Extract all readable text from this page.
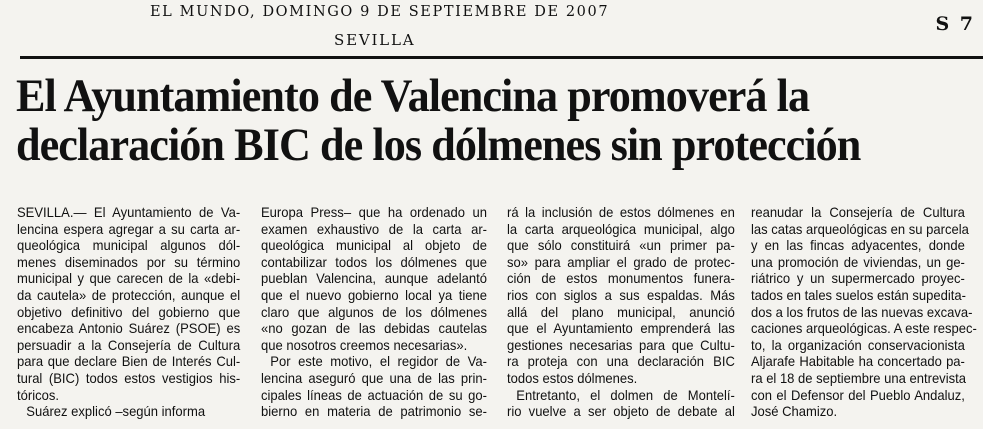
EL MUNDO, DOMINGO 9 DE SEPTIEMBRE DE 2007
SEVILLA
S 7
El Ayuntamiento de Valencina promoverá la
declaración BIC de los dólmenes sin protección
SEVILLA.— El Ayuntamiento de Va-
lencina espera agregar a su carta ar-
queológica municipal algunos dól-
menes diseminados por su término
municipal y que carecen de la «debi-
da cautela» de protección, aunque el
objetivo definitivo del gobierno que
encabeza Antonio Suárez (PSOE) es
persuadir a la Consejería de Cultura
para que declare Bien de Interés Cul-
tural (BIC) todos estos vestigios his-
tóricos.
Suárez explicó –según informa
Europa Press– que ha ordenado un
examen exhaustivo de la carta ar-
queológica municipal al objeto de
contabilizar todos los dólmenes que
pueblan Valencina, aunque adelantó
que el nuevo gobierno local ya tiene
claro que algunos de los dólmenes
«no gozan de las debidas cautelas
que nosotros creemos necesarias».
Por este motivo, el regidor de Va-
lencina aseguró que una de las prin-
cipales líneas de actuación de su go-
bierno en materia de patrimonio se-
rá la inclusión de estos dólmenes en
la carta arqueológica municipal, algo
que sólo constituirá «un primer pa-
so» para ampliar el grado de protec-
ción de estos monumentos funera-
rios con siglos a sus espaldas. Más
allá del plano municipal, anunció
que el Ayuntamiento emprenderá las
gestiones necesarias para que Cultu-
ra proteja con una declaración BIC
todos estos dólmenes.
Entretanto, el dolmen de Montelí-
rio vuelve a ser objeto de debate al
reanudar la Consejería de Cultura
las catas arqueológicas en su parcela
y en las fincas adyacentes, donde
una promoción de viviendas, un ge-
riátrico y un supermercado proyec-
tados en tales suelos están supedita-
dos a los frutos de las nuevas excava-
caciones arqueológicas. A este respec-
to, la organización conservacionista
Aljarafe Habitable ha concertado pa-
ra el 18 de septiembre una entrevista
con el Defensor del Pueblo Andaluz,
José Chamizo.
